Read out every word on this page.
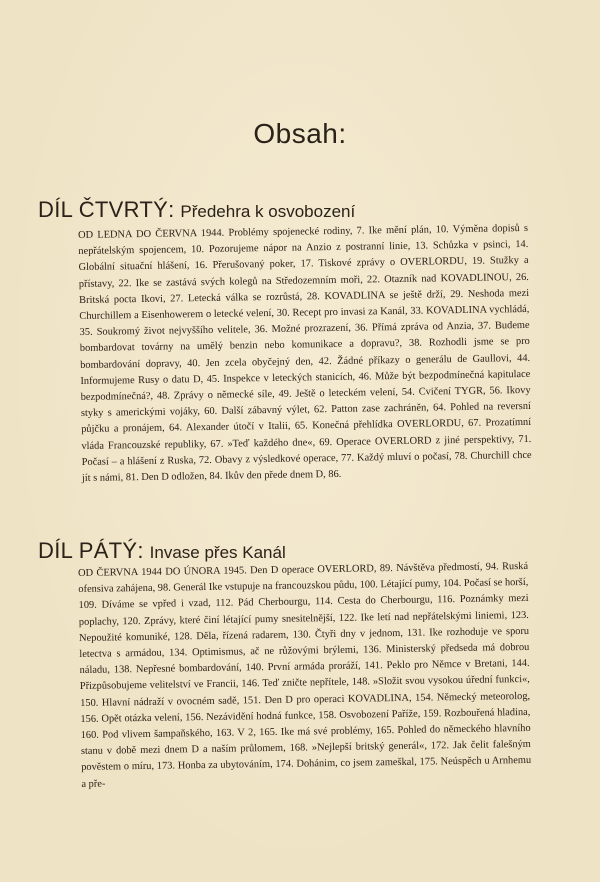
Obsah:
DÍL ČTVRTÝ: Předehra k osvobození

OD LEDNA DO ČERVNA 1944. Problémy spojenecké rodiny, 7. Ike mění plán, 10. Výměna dopisů s nepřátelským spojencem, 10. Pozorujeme nápor na Anzio z postranní linie, 13. Schůzka v psinci, 14. Globální situační hlášení, 16. Přerušovaný poker, 17. Tiskové zprávy o OVERLORDU, 19. Stužky a přístavy, 22. Ike se zastává svých kolegů na Středozemním moři, 22. Otazník nad KOVADLINOU, 26. Britská pocta Ikovi, 27. Letecká válka se rozrůstá, 28. KOVADLINA se ještě drží, 29. Neshoda mezi Churchillem a Eisenhowerem o letecké velení, 30. Recept pro invasi za Kanál, 33. KOVADLINA vychládá, 35. Soukromý život nejvyššího velitele, 36. Možné prozrazení, 36. Přímá zpráva od Anzia, 37. Budeme bombardovat továrny na umělý benzin nebo komunikace a dopravu?, 38. Rozhodli jsme se pro bombardování dopravy, 40. Jen zcela obyčejný den, 42. Žádné příkazy o generálu de Gaullovi, 44. Informujeme Rusy o datu D, 45. Inspekce v leteckých stanicích, 46. Může být bezpodmínečná kapitulace bezpodmínečná?, 48. Zprávy o německé síle, 49. Ještě o leteckém velení, 54. Cvičení TYGR, 56. Ikovy styky s americkými vojáky, 60. Další zábavný výlet, 62. Patton zase zachráněn, 64. Pohled na reversní půjčku a pronájem, 64. Alexander útočí v Italii, 65. Konečná přehlídka OVERLORDU, 67. Prozatímní vláda Francouzské republiky, 67. »Teď každého dne«, 69. Operace OVERLORD z jiné perspektivy, 71. Počasí – a hlášení z Ruska, 72. Obavy z výsledkové operace, 77. Každý mluví o počasí, 78. Churchill chce jít s námi, 81. Den D odložen, 84. Ikův den přede dnem D, 86.

DÍL PÁTÝ: Invase přes Kanál

OD ČERVNA 1944 DO ÚNORA 1945. Den D operace OVERLORD, 89. Návštěva předmostí, 94. Ruská ofensiva zahájena, 98. Generál Ike vstupuje na francouzskou půdu, 100. Létající pumy, 104. Počasí se horší, 109. Díváme se vpřed i vzad, 112. Pád Cherbourgu, 114. Cesta do Cherbourgu, 116. Poznámky mezi poplachy, 120. Zprávy, které činí létající pumy snesitelnější, 122. Ike letí nad nepřátelskými liniemi, 123. Nepoužité komuniké, 128. Děla, řízená radarem, 130. Čtyři dny v jednom, 131. Ike rozhoduje ve sporu letectva s armádou, 134. Optimismus, ač ne růžovými brýlemi, 136. Ministerský předseda má dobrou náladu, 138. Nepřesné bombardování, 140. První armáda proráží, 141. Peklo pro Němce v Bretani, 144. Přizpůsobujeme velitelství ve Francii, 146. Teď zničte nepřítele, 148. »Složit svou vysokou úřední funkci«, 150. Hlavní nádraží v ovocném sadě, 151. Den D pro operaci KOVADLINA, 154. Německý meteorolog, 156. Opět otázka velení, 156. Nezávidění hodná funkce, 158. Osvobození Paříže, 159. Rozbouřená hladina, 160. Pod vlivem šampaňského, 163. V 2, 165. Ike má své problémy, 165. Pohled do německého hlavního stanu v době mezi dnem D a naším průlomem, 168. »Nejlepší britský generál«, 172. Jak čelit falešným pověstem o míru, 173. Honba za ubytováním, 174. Dohánim, co jsem zameškal, 175. Neúspěch u Arnhemu a pře-
